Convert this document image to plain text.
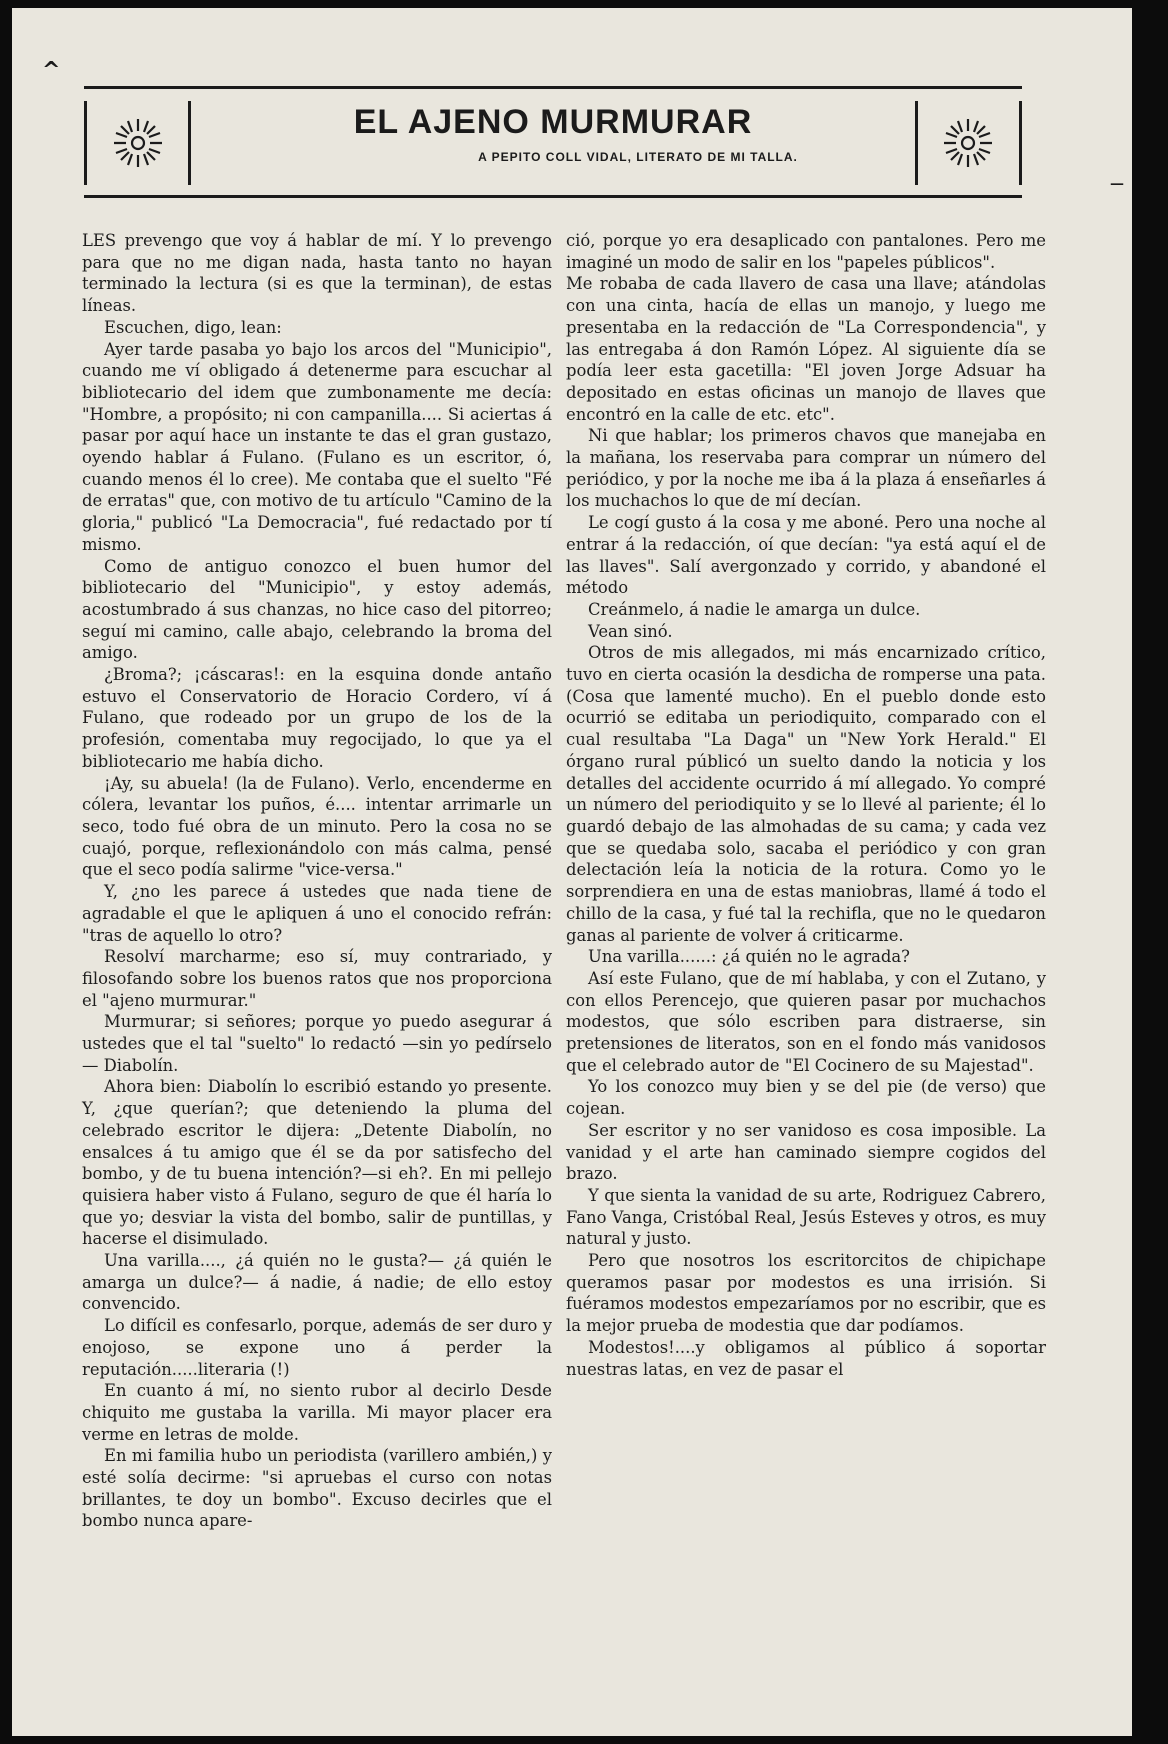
^
EL AJENO MURMURAR
A PEPITO COLL VIDAL, LITERATO DE MI TALLA.

LES prevengo que voy á hablar de mí. Y lo prevengo para que no me digan nada, hasta tanto no hayan terminado la lectura (si es que la terminan), de estas líneas.

Escuchen, digo, lean:

Ayer tarde pasaba yo bajo los arcos del "Municipio", cuando me ví obligado á detenerme para escuchar al bibliotecario del idem que zumbonamente me decía: "Hombre, a propósito; ni con campanilla.... Si aciertas á pasar por aquí hace un instante te das el gran gustazo, oyendo hablar á Fulano. (Fulano es un escritor, ó, cuando menos él lo cree). Me contaba que el suelto "Fé de erratas" que, con motivo de tu artículo "Camino de la gloria," publicó "La Democracia", fué redactado por tí mismo.

Como de antiguo conozco el buen humor del bibliotecario del "Municipio", y estoy además, acostumbrado á sus chanzas, no hice caso del pitorreo; seguí mi camino, calle abajo, celebrando la broma del amigo.

¿Broma?; ¡cáscaras!: en la esquina donde antaño estuvo el Conservatorio de Horacio Cordero, ví á Fulano, que rodeado por un grupo de los de la profesión, comentaba muy regocijado, lo que ya el bibliotecario me había dicho.

¡Ay, su abuela! (la de Fulano). Verlo, encenderme en cólera, levantar los puños, é.... intentar arrimarle un seco, todo fué obra de un minuto. Pero la cosa no se cuajó, porque, reflexionándolo con más calma, pensé que el seco podía salirme "vice-versa."

Y, ¿no les parece á ustedes que nada tiene de agradable el que le apliquen á uno el conocido refrán: "tras de aquello lo otro?

Resolví marcharme; eso sí, muy contrariado, y filosofando sobre los buenos ratos que nos proporciona el "ajeno murmurar."

Murmurar; si señores; porque yo puedo asegurar á ustedes que el tal "suelto" lo redactó —sin yo pedírselo— Diabolín.

Ahora bien: Diabolín lo escribió estando yo presente. Y, ¿que querían?; que deteniendo la pluma del celebrado escritor le dijera: „Detente Diabolín, no ensalces á tu amigo que él se da por satisfecho del bombo, y de tu buena intención?—si eh?. En mi pellejo quisiera haber visto á Fulano, seguro de que él haría lo que yo; desviar la vista del bombo, salir de puntillas, y hacerse el disimulado.

Una varilla...., ¿á quién no le gusta?— ¿á quién le amarga un dulce?— á nadie, á nadie; de ello estoy convencido.

Lo difícil es confesarlo, porque, además de ser duro y enojoso, se expone uno á perder la reputación.....literaria (!)

En cuanto á mí, no siento rubor al decirlo Desde chiquito me gustaba la varilla. Mi mayor placer era verme en letras de molde.

En mi familia hubo un periodista (varillero ambién,) y esté solía decirme: "si apruebas el curso con notas brillantes, te doy un bombo". Excuso decirles que el bombo nunca apare-

ció, porque yo era desaplicado con pantalones. Pero me imaginé un modo de salir en los "papeles públicos".

Me robaba de cada llavero de casa una llave; atándolas con una cinta, hacía de ellas un manojo, y luego me presentaba en la redacción de "La Correspondencia", y las entregaba á don Ramón López. Al siguiente día se podía leer esta gacetilla: "El joven Jorge Adsuar ha depositado en estas oficinas un manojo de llaves que encontró en la calle de etc. etc".

Ni que hablar; los primeros chavos que manejaba en la mañana, los reservaba para comprar un número del periódico, y por la noche me iba á la plaza á enseñarles á los muchachos lo que de mí decían.

Le cogí gusto á la cosa y me aboné. Pero una noche al entrar á la redacción, oí que decían: "ya está aquí el de las llaves". Salí avergonzado y corrido, y abandoné el método

Creánmelo, á nadie le amarga un dulce.

Vean sinó.

Otros de mis allegados, mi más encarnizado crítico, tuvo en cierta ocasión la desdicha de romperse una pata. (Cosa que lamenté mucho). En el pueblo donde esto ocurrió se editaba un periodiquito, comparado con el cual resultaba "La Daga" un "New York Herald." El órgano rural públicó un suelto dando la noticia y los detalles del accidente ocurrido á mí allegado. Yo compré un número del periodiquito y se lo llevé al pariente; él lo guardó debajo de las almohadas de su cama; y cada vez que se quedaba solo, sacaba el periódico y con gran delectación leía la noticia de la rotura. Como yo le sorprendiera en una de estas maniobras, llamé á todo el chillo de la casa, y fué tal la rechifla, que no le quedaron ganas al pariente de volver á criticarme.

Una varilla......: ¿á quién no le agrada?

Así este Fulano, que de mí hablaba, y con el Zutano, y con ellos Perencejo, que quieren pasar por muchachos modestos, que sólo escriben para distraerse, sin pretensiones de literatos, son en el fondo más vanidosos que el celebrado autor de "El Cocinero de su Majestad".

Yo los conozco muy bien y se del pie (de verso) que cojean.

Ser escritor y no ser vanidoso es cosa imposible. La vanidad y el arte han caminado siempre cogidos del brazo.

Y que sienta la vanidad de su arte, Rodriguez Cabrero, Fano Vanga, Cristóbal Real, Jesús Esteves y otros, es muy natural y justo.

Pero que nosotros los escritorcitos de chipichape queramos pasar por modestos es una irrisión. Si fuéramos modestos empezaríamos por no escribir, que es la mejor prueba de modestia que dar podíamos.

Modestos!....y obligamos al público á soportar nuestras latas, en vez de pasar el

—
